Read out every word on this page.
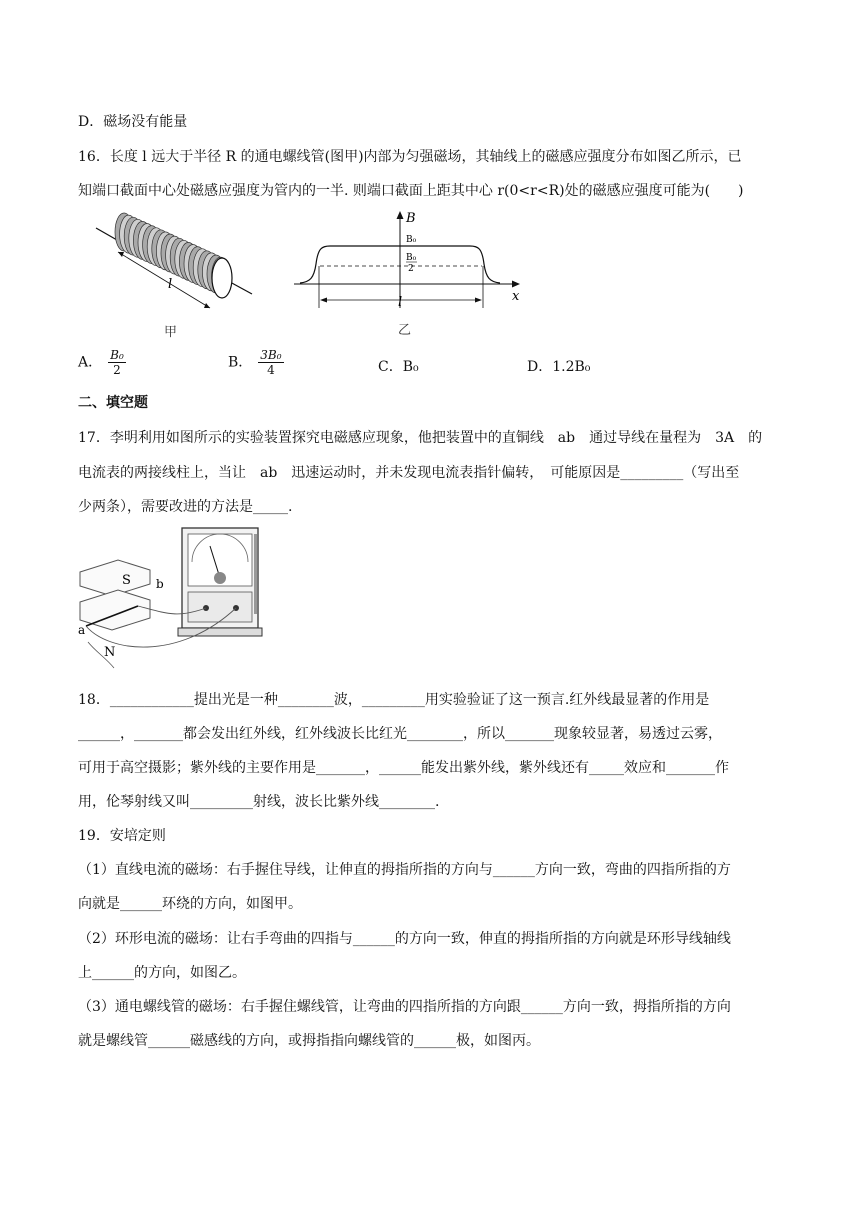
D．磁场没有能量
16．长度 l 远大于半径 R 的通电螺线管(图甲)内部为匀强磁场，其轴线上的磁感应强度分布如图乙所示，已
知端口截面中心处磁感应强度为管内的一半. 则端口截面上距其中心 r(0<r<R)处的磁感应强度可能为(　　)
l
甲
B
x
l
B₀
B₀
2
乙
A． $\frac{\text{B₀}}{2}$	B． $\frac{\text{3B₀}}{4}$	C．B₀	D．1.2B₀
二、填空题
17．李明利用如图所示的实验装置探究电磁感应现象，他把装置中的直铜线　ab　通过导线在量程为　3A　的
电流表的两接线柱上，当让　ab　迅速运动时，并未发现电流表指针偏转，　可能原因是_________（写出至
少两条），需要改进的方法是_____.
S b
a
N
18．____________提出光是一种________波，_________用实验验证了这一预言.红外线最显著的作用是
______，_______都会发出红外线，红外线波长比红光________，所以_______现象较显著，易透过云雾，
可用于高空摄影；紫外线的主要作用是_______，______能发出紫外线，紫外线还有_____效应和_______作
用，伦琴射线又叫_________射线，波长比紫外线________.
19．安培定则
（1）直线电流的磁场：右手握住导线，让伸直的拇指所指的方向与______方向一致，弯曲的四指所指的方
向就是______环绕的方向，如图甲。
（2）环形电流的磁场：让右手弯曲的四指与______的方向一致，伸直的拇指所指的方向就是环形导线轴线
上______的方向，如图乙。
（3）通电螺线管的磁场：右手握住螺线管，让弯曲的四指所指的方向跟______方向一致，拇指所指的方向
就是螺线管______磁感线的方向，或拇指指向螺线管的______极，如图丙。
